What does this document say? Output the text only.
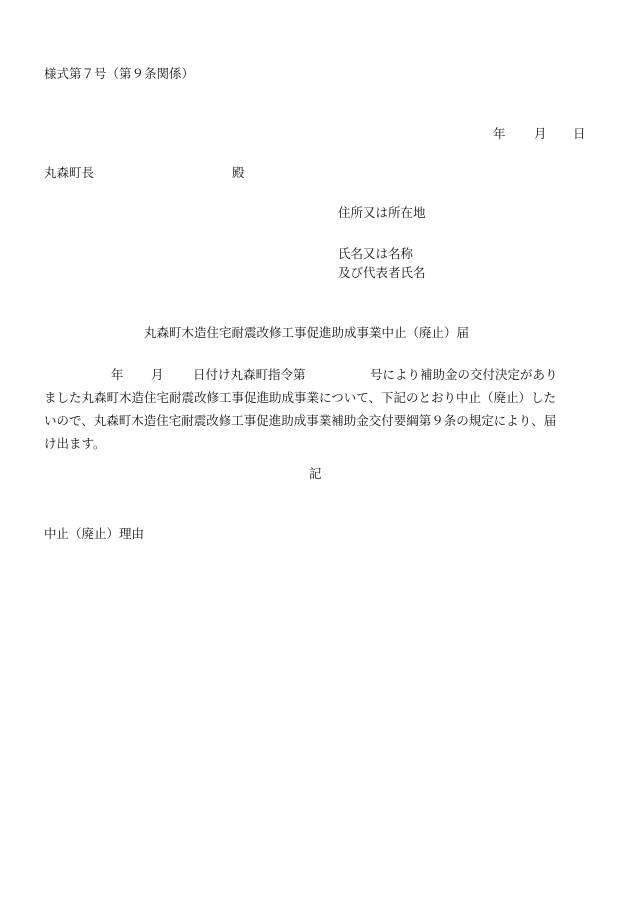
様式第７号（第９条関係）
年 月 日
丸森町長	殿
住所又は所在地
氏名又は名称
及び代表者氏名
丸森町木造住宅耐震改修工事促進助成事業中止（廃止）届
年 月 日付け丸森町指令第	号により補助金の交付決定があり
ました丸森町木造住宅耐震改修工事促進助成事業について、下記のとおり中止（廃止）した
いので、丸森町木造住宅耐震改修工事促進助成事業補助金交付要綱第９条の規定により、届
け出ます。
記
中止（廃止）理由
